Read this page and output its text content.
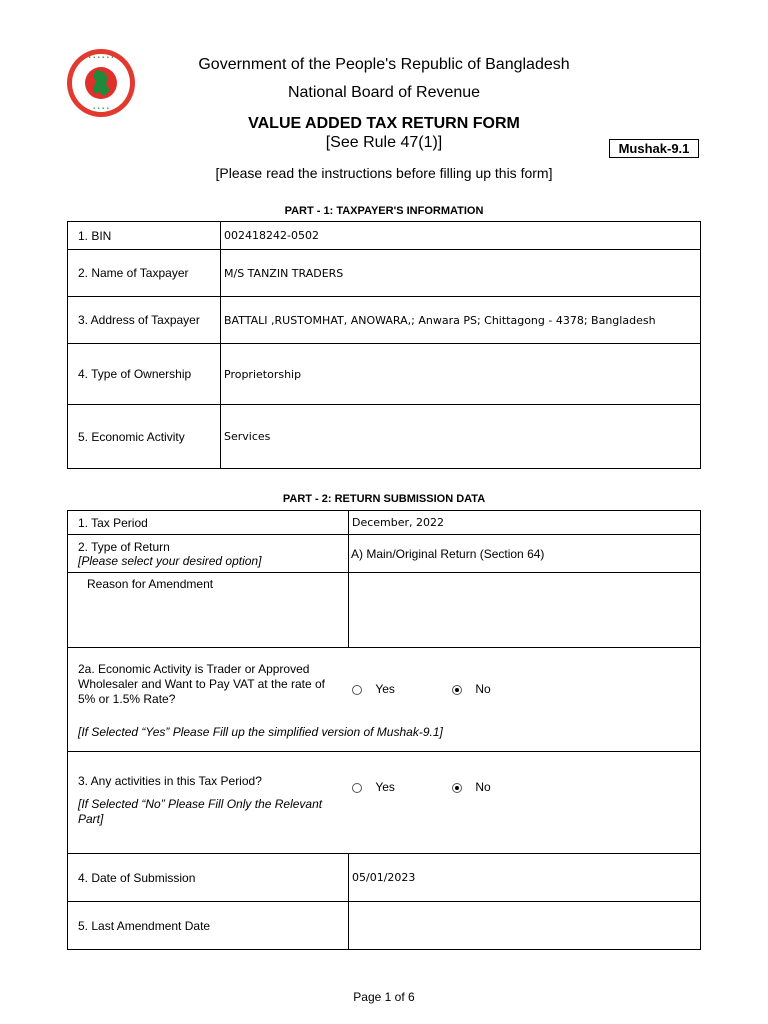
• • • • • •
• • • •
Government of the People's Republic of Bangladesh
National Board of Revenue
VALUE ADDED TAX RETURN FORM
[See Rule 47(1)]	Mushak-9.1
[Please read the instructions before filling up this form]
PART - 1: TAXPAYER'S INFORMATION
1. BIN	002418242-0502
2. Name of Taxpayer	M/S TANZIN TRADERS
3. Address of Taxpayer	BATTALI ,RUSTOMHAT, ANOWARA,; Anwara PS; Chittagong - 4378; Bangladesh
4. Type of Ownership	Proprietorship
5. Economic Activity	Services
PART - 2: RETURN SUBMISSION DATA
1. Tax Period	December, 2022

2. Type of Return
[Please select your desired option]	A) Main/Original Return (Section 64)
Reason for Amendment	

2a. Economic Activity is Trader or Approved Wholesaler and Want to Pay VAT at the rate of 5% or 1.5% Rate?
Yes No
[If Selected “Yes” Please Fill up the simplified version of Mushak-9.1]	

3. Any activities in this Tax Period?
[If Selected “No” Please Fill Only the Relevant Part]
Yes No	

4. Date of Submission	05/01/2023
5. Last Amendment Date	
Page 1 of 6
